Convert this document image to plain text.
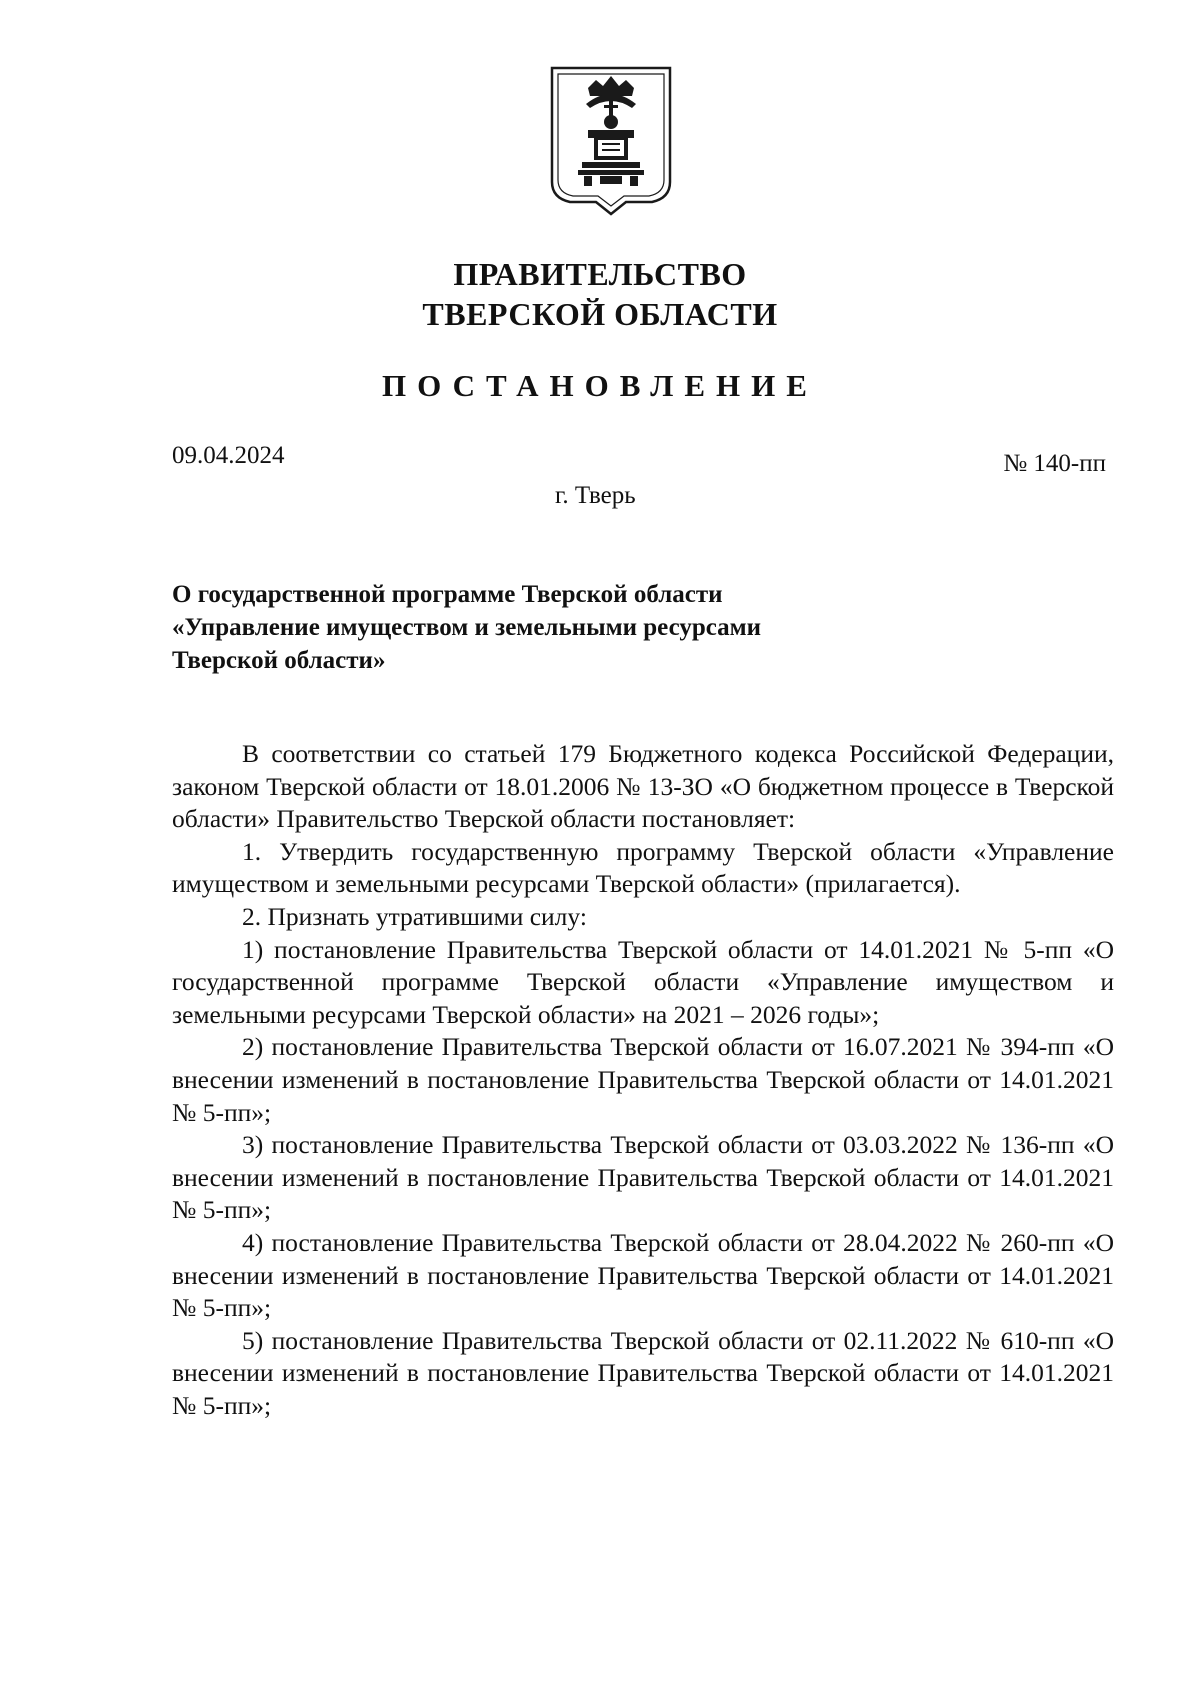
ПРАВИТЕЛЬСТВО
ТВЕРСКОЙ ОБЛАСТИ
ПОСТАНОВЛЕНИЕ
09.04.2024	№ 140-пп
г. Тверь
О государственной программе Тверской области
«Управление имуществом и земельными ресурсами
Тверской области»

В соответствии со статьей 179 Бюджетного кодекса Российской Федерации, законом Тверской области от 18.01.2006 № 13-ЗО «О бюджетном процессе в Тверской области» Правительство Тверской области постановляет:

1. Утвердить государственную программу Тверской области «Управление имуществом и земельными ресурсами Тверской области» (прилагается).

2. Признать утратившими силу:

1) постановление Правительства Тверской области от 14.01.2021 № 5-пп «О государственной программе Тверской области «Управление имуществом и земельными ресурсами Тверской области» на 2021 – 2026 годы»;

2) постановление Правительства Тверской области от 16.07.2021 № 394-пп «О внесении изменений в постановление Правительства Тверской области от 14.01.2021 № 5-пп»;

3) постановление Правительства Тверской области от 03.03.2022 № 136-пп «О внесении изменений в постановление Правительства Тверской области от 14.01.2021 № 5-пп»;

4) постановление Правительства Тверской области от 28.04.2022 № 260-пп «О внесении изменений в постановление Правительства Тверской области от 14.01.2021 № 5-пп»;

5) постановление Правительства Тверской области от 02.11.2022 № 610-пп «О внесении изменений в постановление Правительства Тверской области от 14.01.2021 № 5-пп»;
